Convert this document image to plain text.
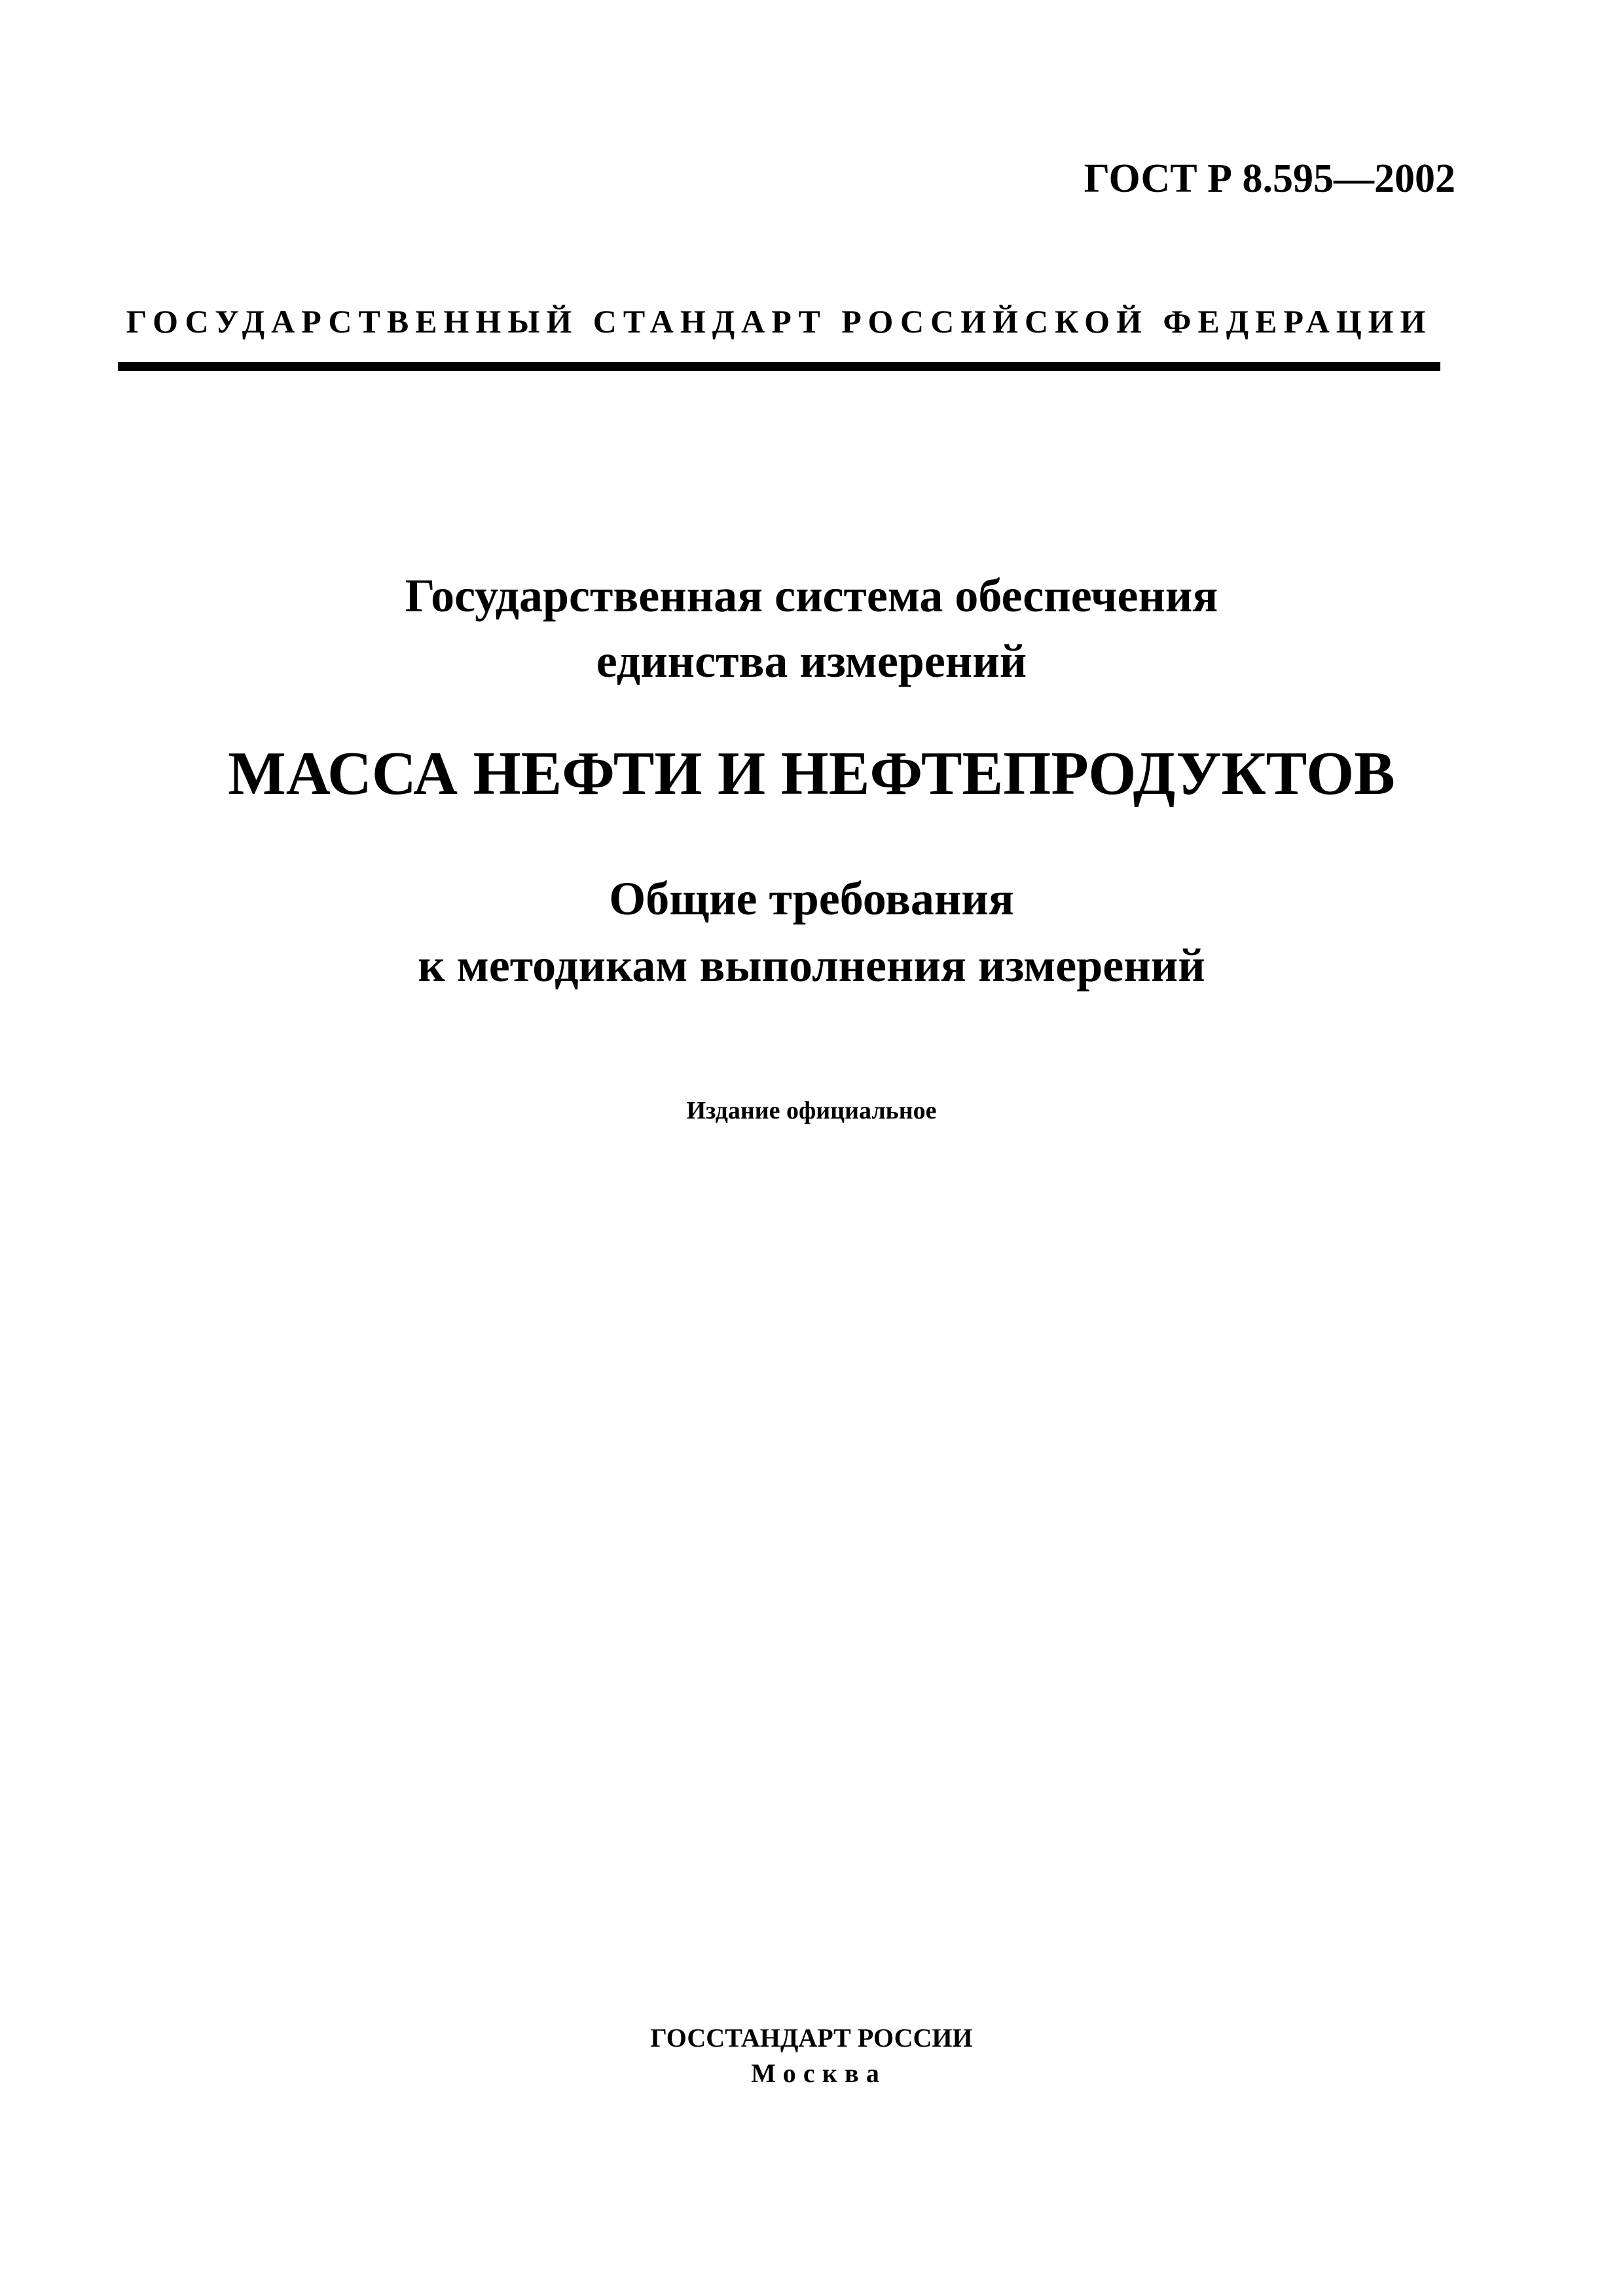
ГОСТ Р 8.595—2002
ГОСУДАРСТВЕННЫЙ СТАНДАРТ РОССИЙСКОЙ ФЕДЕРАЦИИ
Государственная система обеспечения
единства измерений
МАССА НЕФТИ И НЕФТЕПРОДУКТОВ
Общие требования
к методикам выполнения измерений
Издание официальное
ГОССТАНДАРТ РОССИИ
Москва
